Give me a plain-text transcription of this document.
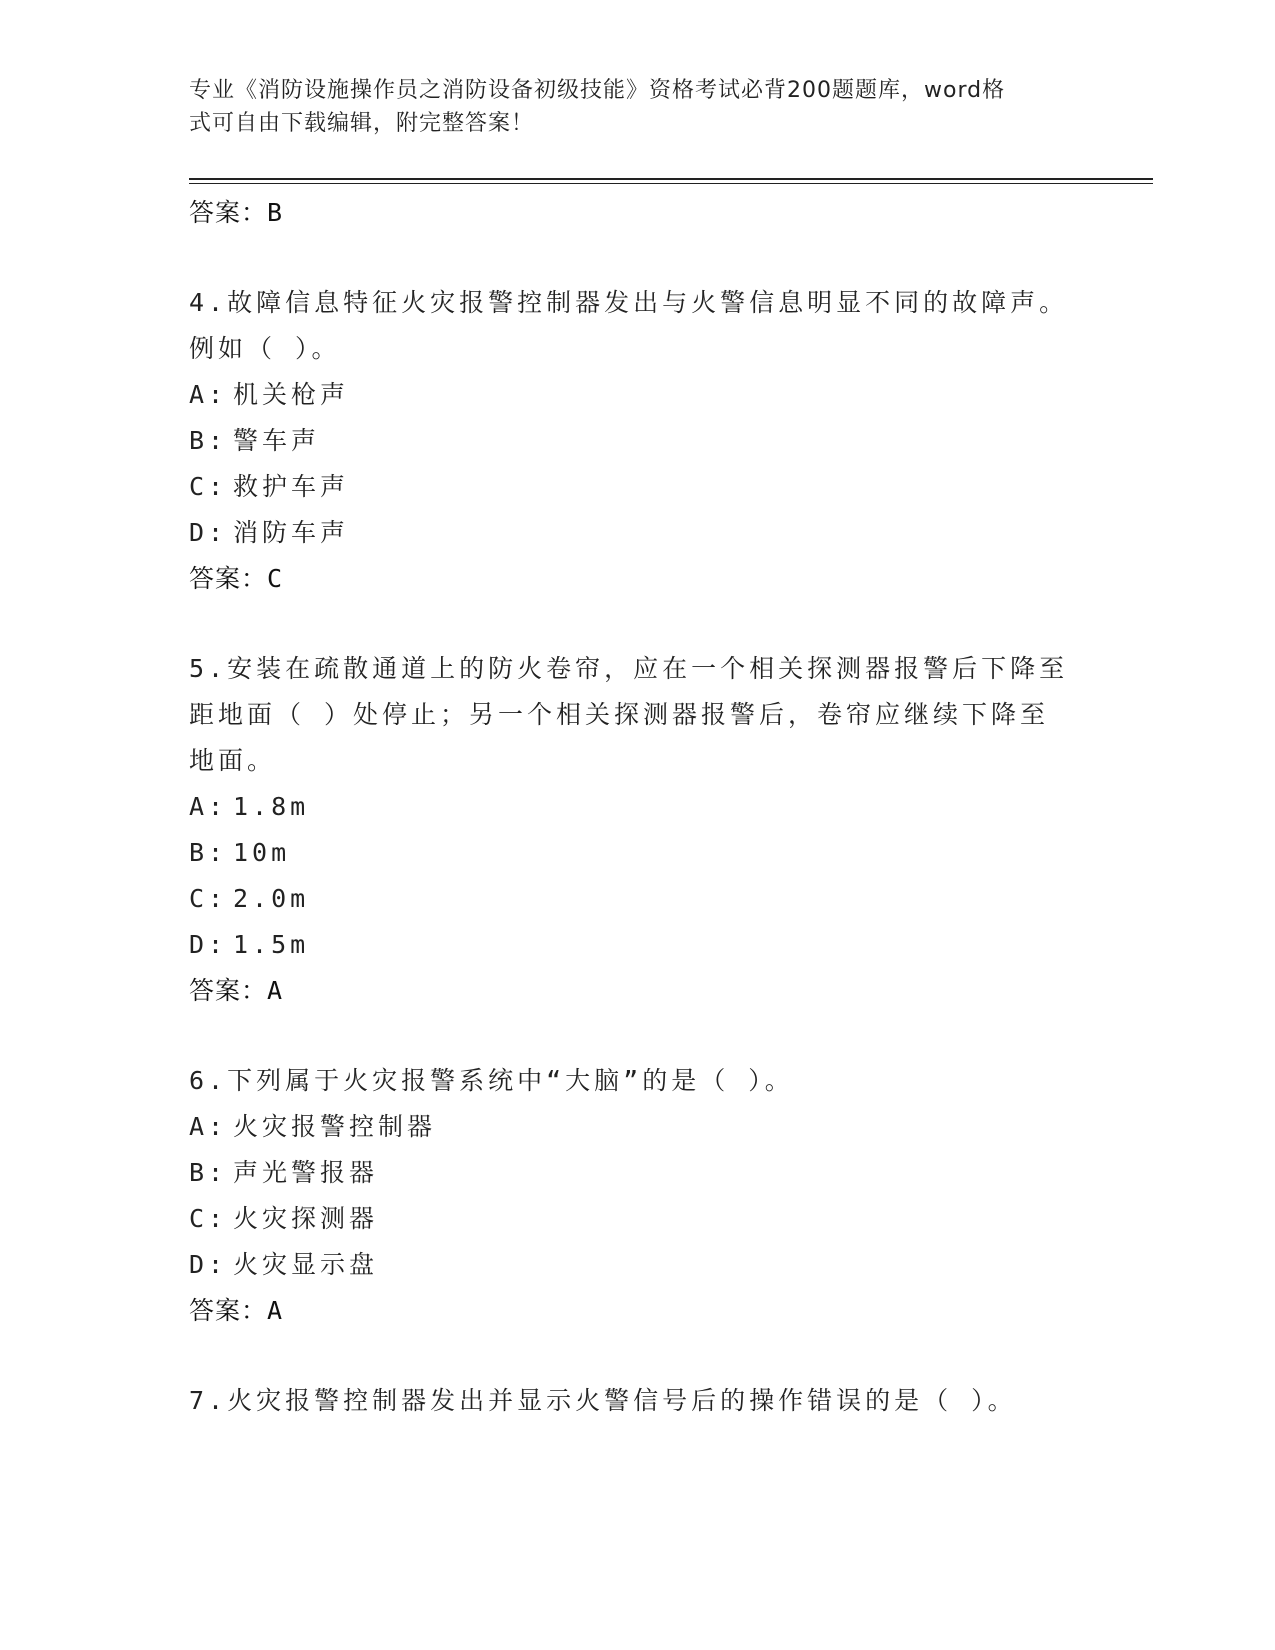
专业《消防设施操作员之消防设备初级技能》资格考试必背200题题库，word格
式可自由下载编辑，附完整答案！
答案：B
4.故障信息特征火灾报警控制器发出与火警信息明显不同的故障声。
例如（ ）。
A: 机关枪声
B: 警车声
C: 救护车声
D: 消防车声
答案：C
5.安装在疏散通道上的防火卷帘，应在一个相关探测器报警后下降至
距地面（ ）处停止；另一个相关探测器报警后，卷帘应继续下降至
地面。
A: 1.8m
B: 10m
C: 2.0m
D: 1.5m
答案：A
6.下列属于火灾报警系统中“大脑”的是（ ）。
A: 火灾报警控制器
B: 声光警报器
C: 火灾探测器
D: 火灾显示盘
答案：A
7.火灾报警控制器发出并显示火警信号后的操作错误的是（ ）。
